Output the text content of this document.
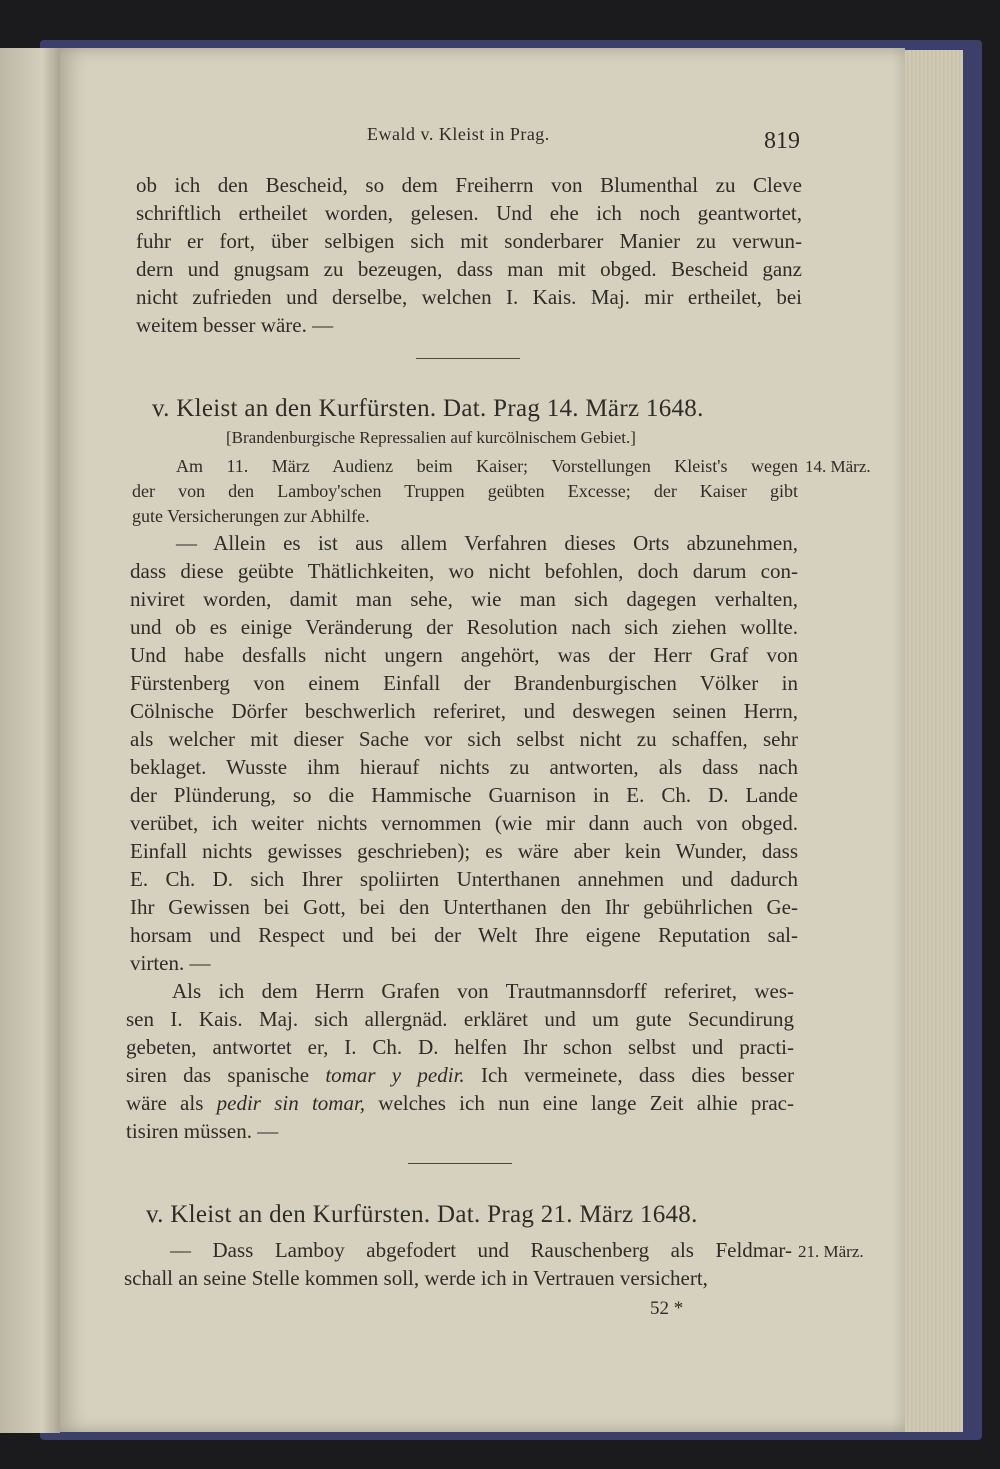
Ewald v. Kleist in Prag.	819
ob ich den Bescheid, so dem Freiherrn von Blumenthal zu Cleve
schriftlich ertheilet worden, gelesen. Und ehe ich noch geantwortet,
fuhr er fort, über selbigen sich mit sonderbarer Manier zu verwun-
dern und gnugsam zu bezeugen, dass man mit obged. Bescheid ganz
nicht zufrieden und derselbe, welchen I. Kais. Maj. mir ertheilet, bei
weitem besser wäre. —
v. Kleist an den Kurfürsten. Dat. Prag 14. März 1648.
[Brandenburgische Repressalien auf kurcölnischem Gebiet.]
Am 11. März Audienz beim Kaiser; Vorstellungen Kleist's wegen
der von den Lamboy'schen Truppen geübten Excesse; der Kaiser gibt
gute Versicherungen zur Abhilfe.
14. März.
— Allein es ist aus allem Verfahren dieses Orts abzunehmen,
dass diese geübte Thätlichkeiten, wo nicht befohlen, doch darum con-
niviret worden, damit man sehe, wie man sich dagegen verhalten,
und ob es einige Veränderung der Resolution nach sich ziehen wollte.
Und habe desfalls nicht ungern angehört, was der Herr Graf von
Fürstenberg von einem Einfall der Brandenburgischen Völker in
Cölnische Dörfer beschwerlich referiret, und deswegen seinen Herrn,
als welcher mit dieser Sache vor sich selbst nicht zu schaffen, sehr
beklaget. Wusste ihm hierauf nichts zu antworten, als dass nach
der Plünderung, so die Hammische Guarnison in E. Ch. D. Lande
verübet, ich weiter nichts vernommen (wie mir dann auch von obged.
Einfall nichts gewisses geschrieben); es wäre aber kein Wunder, dass
E. Ch. D. sich Ihrer spoliirten Unterthanen annehmen und dadurch
Ihr Gewissen bei Gott, bei den Unterthanen den Ihr gebührlichen Ge-
horsam und Respect und bei der Welt Ihre eigene Reputation sal-
virten. —
Als ich dem Herrn Grafen von Trautmannsdorff referiret, wes-
sen I. Kais. Maj. sich allergnäd. erkläret und um gute Secundirung
gebeten, antwortet er, I. Ch. D. helfen Ihr schon selbst und practi-
siren das spanische tomar y pedir. Ich vermeinete, dass dies besser
wäre als pedir sin tomar, welches ich nun eine lange Zeit alhie prac-
tisiren müssen. —
v. Kleist an den Kurfürsten. Dat. Prag 21. März 1648.
— Dass Lamboy abgefodert und Rauschenberg als Feldmar-
schall an seine Stelle kommen soll, werde ich in Vertrauen versichert,
21. März.
52 *
